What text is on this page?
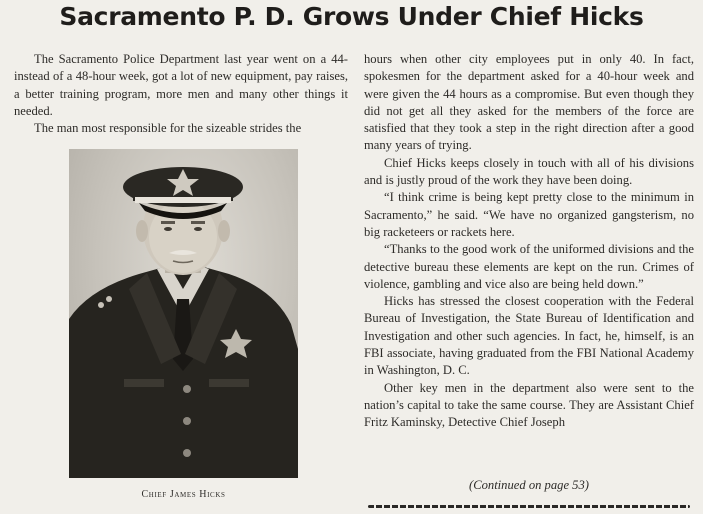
Sacramento P. D. Grows Under Chief Hicks

The Sacramento Police Department last year went on a 44- instead of a 48-hour week, got a lot of new equipment, pay raises, a better training program, more men and many other things it needed.

The man most responsible for the sizeable strides the

Chief James Hicks

hours when other city employees put in only 40. In fact, spokesmen for the department asked for a 40-hour week and were given the 44 hours as a compromise. But even though they did not get all they asked for the members of the force are satisfied that they took a step in the right direction after a good many years of trying.

Chief Hicks keeps closely in touch with all of his divisions and is justly proud of the work they have been doing.

“I think crime is being kept pretty close to the minimum in Sacramento,” he said. “We have no organized gangsterism, no big racketeers or rackets here.

“Thanks to the good work of the uniformed divisions and the detective bureau these elements are kept on the run. Crimes of violence, gambling and vice also are being held down.”

Hicks has stressed the closest cooperation with the Federal Bureau of Investigation, the State Bureau of Identification and Investigation and other such agencies. In fact, he, himself, is an FBI associate, having graduated from the FBI National Academy in Washington, D. C.

Other key men in the department also were sent to the nation’s capital to take the same course. They are Assistant Chief Fritz Kaminsky, Detective Chief Joseph

(Continued on page 53)
